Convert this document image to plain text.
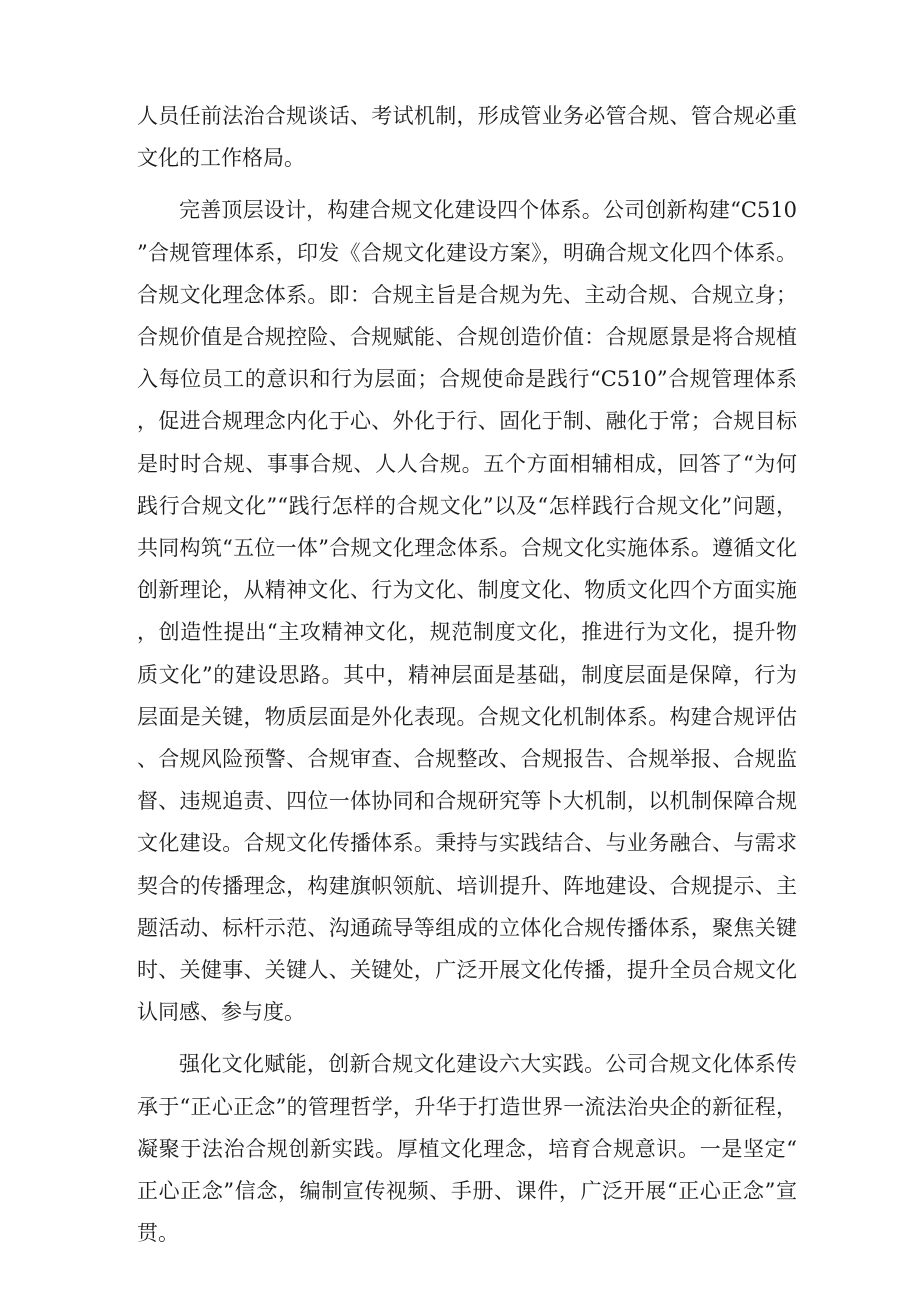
人员任前法治合规谈话、考试机制，形成管业务必管合规、管合规必重文化的工作格局。

完善顶层设计，构建合规文化建设四个体系。公司创新构建“C510”合规管理体系，印发《合规文化建设方案》，明确合规文化四个体系。合规文化理念体系。即：合规主旨是合规为先、主动合规、合规立身；合规价值是合规控险、合规赋能、合规创造价值：合规愿景是将合规植入每位员工的意识和行为层面；合规使命是践行“C510”合规管理体系，促进合规理念内化于心、外化于行、固化于制、融化于常；合规目标是时时合规、事事合规、人人合规。五个方面相辅相成，回答了“为何践行合规文化”“践行怎样的合规文化”以及“怎样践行合规文化”问题，共同构筑“五位一体”合规文化理念体系。合规文化实施体系。遵循文化创新理论，从精神文化、行为文化、制度文化、物质文化四个方面实施，创造性提出“主攻精神文化，规范制度文化，推进行为文化，提升物质文化”的建设思路。其中，精神层面是基础，制度层面是保障，行为层面是关键，物质层面是外化表现。合规文化机制体系。构建合规评估、合规风险预警、合规审查、合规整改、合规报告、合规举报、合规监督、违规追责、四位一体协同和合规研究等卜大机制，以机制保障合规文化建设。合规文化传播体系。秉持与实践结合、与业务融合、与需求契合的传播理念，构建旗帜领航、培训提升、阵地建设、合规提示、主题活动、标杆示范、沟通疏导等组成的立体化合规传播体系，聚焦关键时、关健事、关键人、关键处，广泛开展文化传播，提升全员合规文化认同感、参与度。

强化文化赋能，创新合规文化建设六大实践。公司合规文化体系传承于“正心正念”的管理哲学，升华于打造世界一流法治央企的新征程，凝聚于法治合规创新实践。厚植文化理念，培育合规意识。一是坚定“正心正念”信念，编制宣传视频、手册、课件，广泛开展“正心正念”宣贯。
